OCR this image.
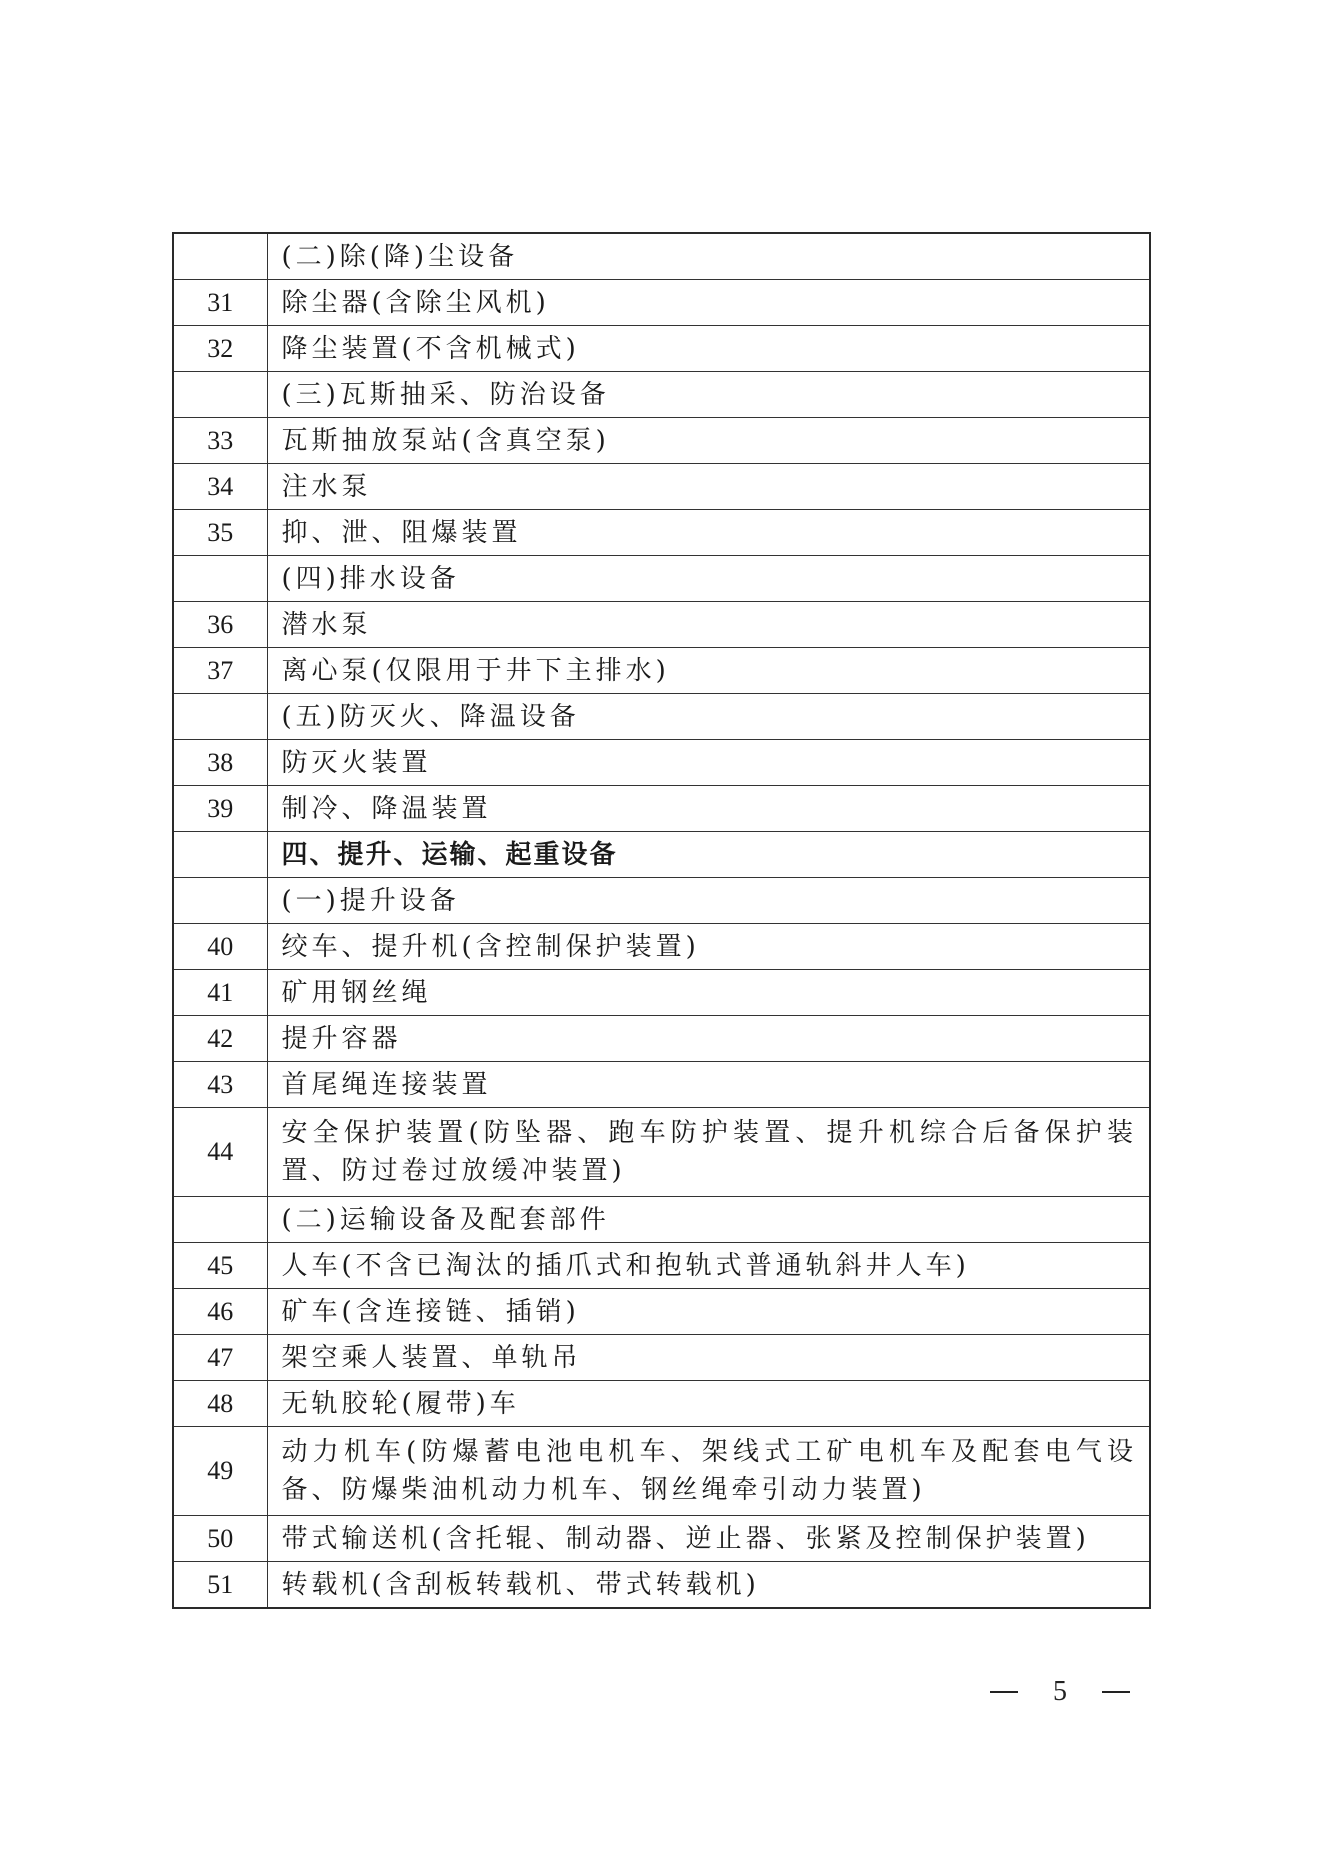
	(二)除(降)尘设备
31	除尘器(含除尘风机)
32	降尘装置(不含机械式)
	(三)瓦斯抽采、防治设备
33	瓦斯抽放泵站(含真空泵)
34	注水泵
35	抑、泄、阻爆装置
	(四)排水设备
36	潜水泵
37	离心泵(仅限用于井下主排水)
	(五)防灭火、降温设备
38	防灭火装置
39	制冷、降温装置
	四、提升、运输、起重设备
	(一)提升设备
40	绞车、提升机(含控制保护装置)
41	矿用钢丝绳
42	提升容器
43	首尾绳连接装置
44	安全保护装置(防坠器、跑车防护装置、提升机综合后备保护装置、防过卷过放缓冲装置)
	(二)运输设备及配套部件
45	人车(不含已淘汰的插爪式和抱轨式普通轨斜井人车)
46	矿车(含连接链、插销)
47	架空乘人装置、单轨吊
48	无轨胶轮(履带)车
49	动力机车(防爆蓄电池电机车、架线式工矿电机车及配套电气设备、防爆柴油机动力机车、钢丝绳牵引动力装置)
50	带式输送机(含托辊、制动器、逆止器、张紧及控制保护装置)
51	转载机(含刮板转载机、带式转载机)
5
